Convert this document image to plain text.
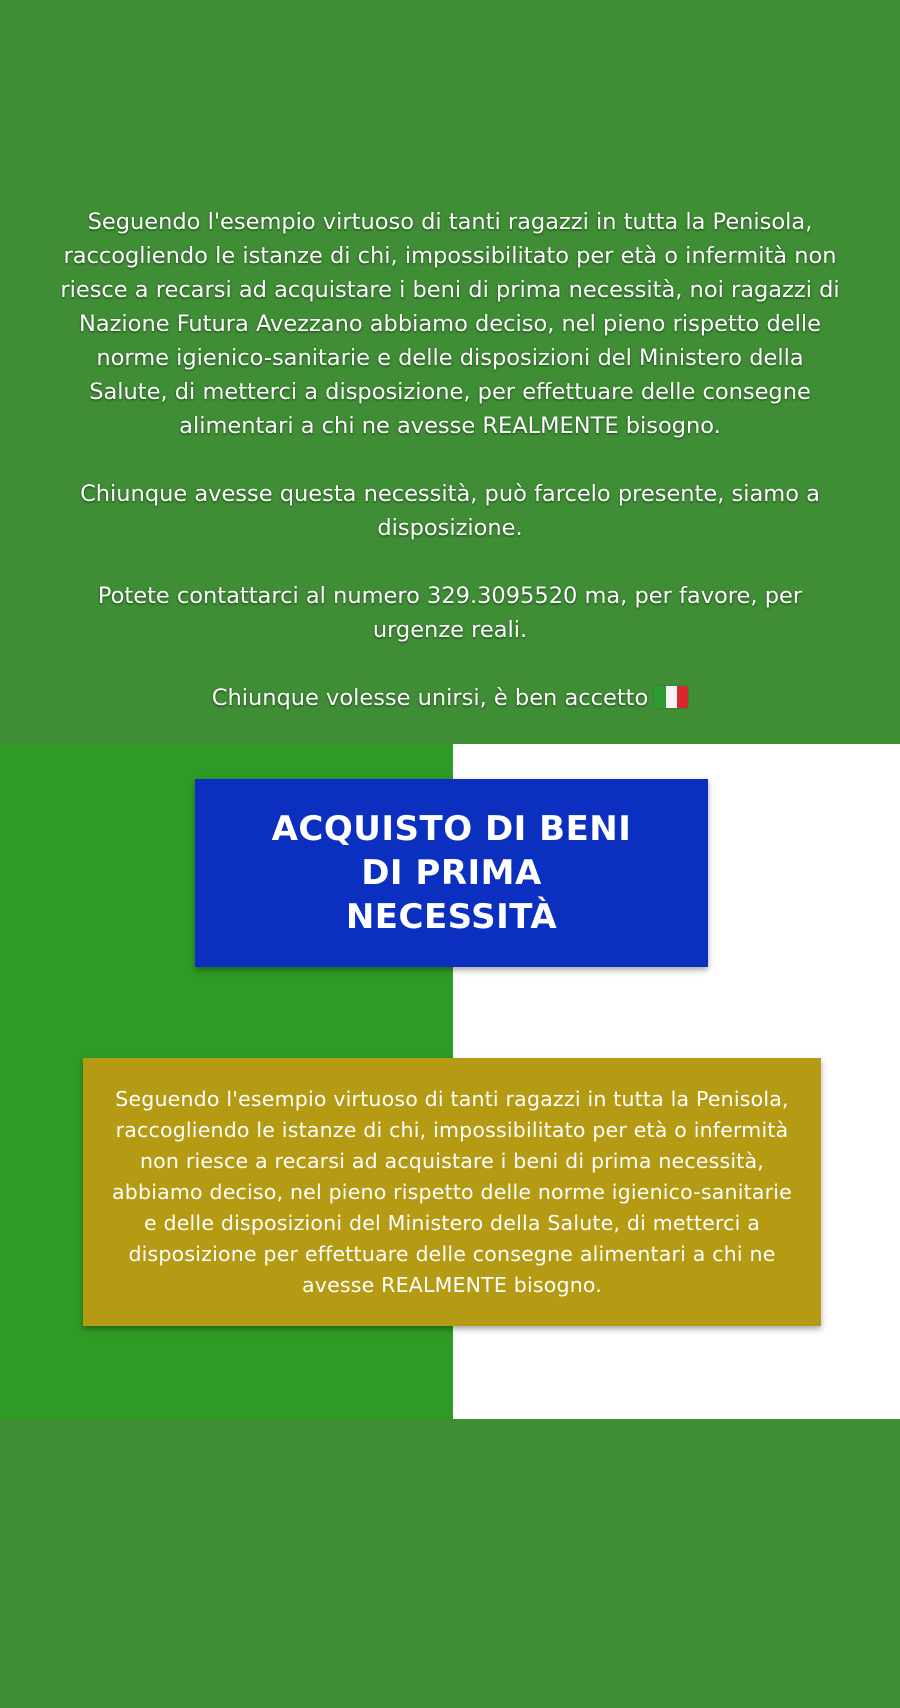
Seguendo l'esempio virtuoso di tanti ragazzi in tutta la Penisola, raccogliendo le istanze di chi, impossibilitato per età o infermità non riesce a recarsi ad acquistare i beni di prima necessità, noi ragazzi di Nazione Futura Avezzano abbiamo deciso, nel pieno rispetto delle norme igienico-sanitarie e delle disposizioni del Ministero della Salute, di metterci a disposizione, per effettuare delle consegne alimentari a chi ne avesse REALMENTE bisogno.

Chiunque avesse questa necessità, può farcelo presente, siamo a disposizione.

Potete contattarci al numero 329.3095520 ma, per favore, per urgenze reali.

Chiunque volesse unirsi, è ben accetto

ACQUISTO DI BENI DI PRIMA NECESSITÀ
Seguendo l'esempio virtuoso di tanti ragazzi in tutta la Penisola, raccogliendo le istanze di chi, impossibilitato per età o infermità non riesce a recarsi ad acquistare i beni di prima necessità, abbiamo deciso, nel pieno rispetto delle norme igienico-sanitarie e delle disposizioni del Ministero della Salute, di metterci a disposizione per effettuare delle consegne alimentari a chi ne avesse REALMENTE bisogno.
